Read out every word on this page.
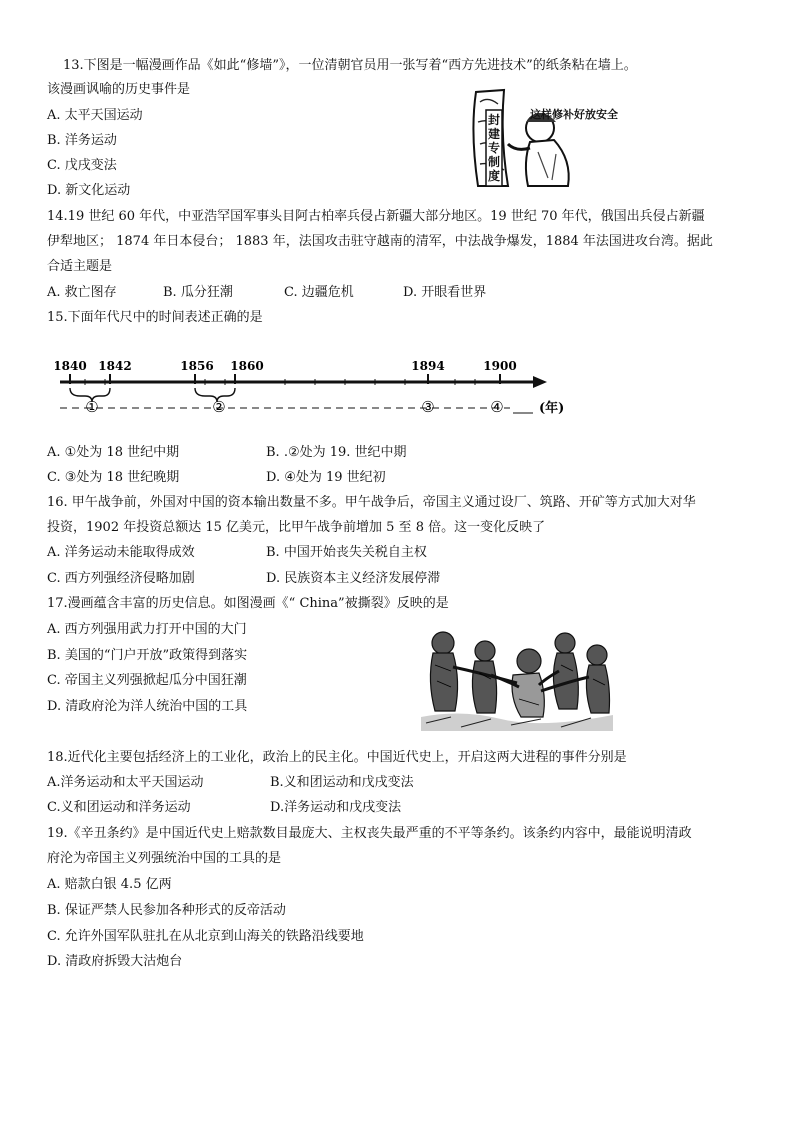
13.下图是一幅漫画作品《如此“修墙”》，一位清朝官员用一张写着“西方先进技术”的纸条粘在墙上。
该漫画讽喻的历史事件是
A. 太平天国运动
B. 洋务运动
C. 戊戌变法
D. 新文化运动
封
建
专
制
度
这样修补好放安全
14.19 世纪 60 年代，中亚浩罕国军事头目阿古柏率兵侵占新疆大部分地区。19 世纪 70 年代，俄国出兵侵占新疆
伊犁地区； 1874 年日本侵台； 1883 年，法国攻击驻守越南的清军，中法战争爆发，1884 年法国进攻台湾。据此
合适主题是
A. 救亡图存	B. 瓜分狂潮	C. 边疆危机	D. 开眼看世界
15.下面年代尺中的时间表述正确的是
1840 1842	1856 1860	1894	1900
①	②	③	④	(年)
A. ①处为 18 世纪中期	B. .②处为 19. 世纪中期
C. ③处为 18 世纪晚期	D. ④处为 19 世纪初
16. 甲午战争前，外国对中国的资本输出数量不多。甲午战争后，帝国主义通过设厂、筑路、开矿等方式加大对华
投资，1902 年投资总额达 15 亿美元，比甲午战争前增加 5 至 8 倍。这一变化反映了
A. 洋务运动未能取得成效	B. 中国开始丧失关税自主权
C. 西方列强经济侵略加剧	D. 民族资本主义经济发展停滞
17.漫画蕴含丰富的历史信息。如图漫画《“ China”被撕裂》反映的是
A. 西方列强用武力打开中国的大门
B. 美国的“门户开放”政策得到落实
C. 帝国主义列强掀起瓜分中国狂潮
D. 清政府沦为洋人统治中国的工具
18.近代化主要包括经济上的工业化，政治上的民主化。中国近代史上，开启这两大进程的事件分别是
A.洋务运动和太平天国运动	B.义和团运动和戊戌变法
C.义和团运动和洋务运动	D.洋务运动和戊戌变法
19.《辛丑条约》是中国近代史上赔款数目最庞大、主权丧失最严重的不平等条约。该条约内容中，最能说明清政
府沦为帝国主义列强统治中国的工具的是
A. 赔款白银 4.5 亿两
B. 保证严禁人民参加各种形式的反帝活动
C. 允许外国军队驻扎在从北京到山海关的铁路沿线要地
D. 清政府拆毁大沽炮台
